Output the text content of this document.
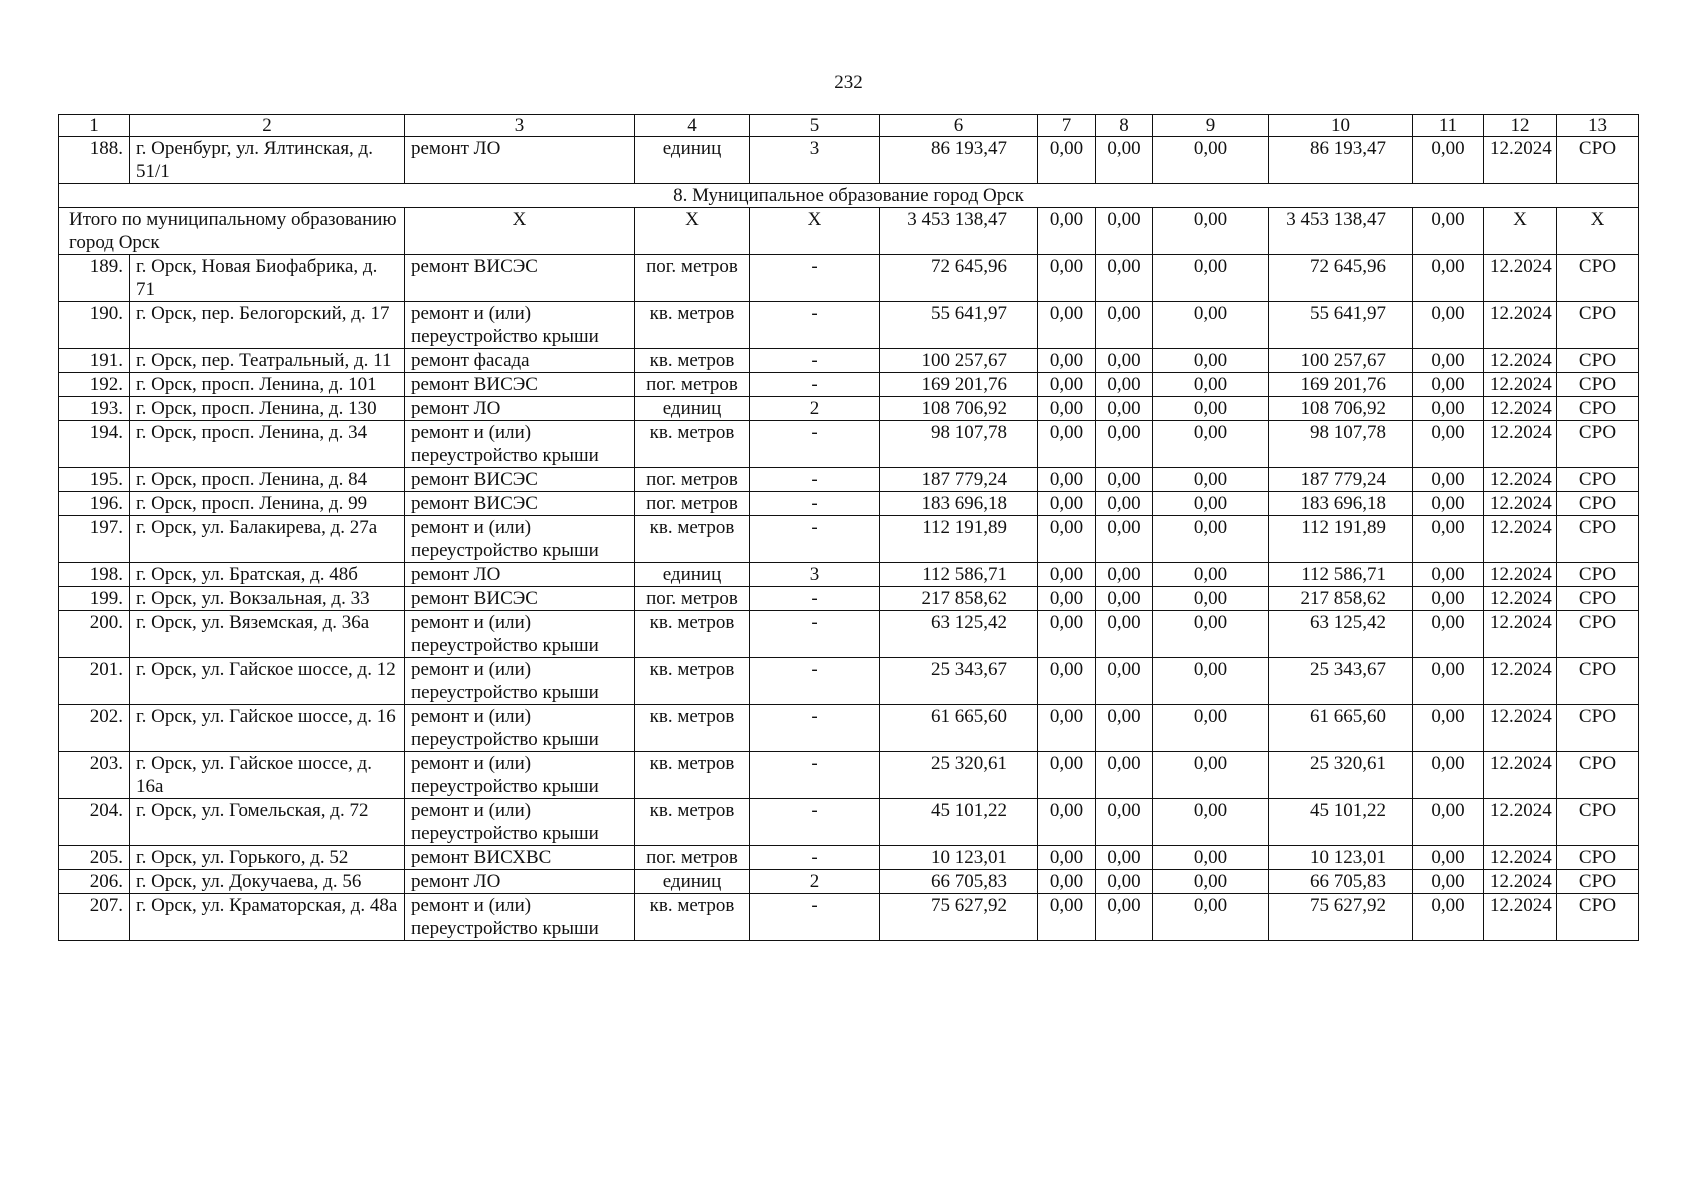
232
1	2	3	4	5	6	7	8	9	10	11	12	13
188.	г. Оренбург, ул. Ялтинская, д. 51/1	ремонт ЛО	единиц	3	86 193,47	0,00	0,00	0,00	86 193,47	0,00	12.2024	СРО
8. Муниципальное образование город Орск												
Итого по муниципальному образованию город Орск		Х	Х	Х	3 453 138,47	0,00	0,00	0,00	3 453 138,47	0,00	Х	Х
189.	г. Орск, Новая Биофабрика, д. 71	ремонт ВИСЭС	пог. метров	-	72 645,96	0,00	0,00	0,00	72 645,96	0,00	12.2024	СРО
190.	г. Орск, пер. Белогорский, д. 17	ремонт и (или) переустройство крыши	кв. метров	-	55 641,97	0,00	0,00	0,00	55 641,97	0,00	12.2024	СРО
191.	г. Орск, пер. Театральный, д. 11	ремонт фасада	кв. метров	-	100 257,67	0,00	0,00	0,00	100 257,67	0,00	12.2024	СРО
192.	г. Орск, просп. Ленина, д. 101	ремонт ВИСЭС	пог. метров	-	169 201,76	0,00	0,00	0,00	169 201,76	0,00	12.2024	СРО
193.	г. Орск, просп. Ленина, д. 130	ремонт ЛО	единиц	2	108 706,92	0,00	0,00	0,00	108 706,92	0,00	12.2024	СРО
194.	г. Орск, просп. Ленина, д. 34	ремонт и (или) переустройство крыши	кв. метров	-	98 107,78	0,00	0,00	0,00	98 107,78	0,00	12.2024	СРО
195.	г. Орск, просп. Ленина, д. 84	ремонт ВИСЭС	пог. метров	-	187 779,24	0,00	0,00	0,00	187 779,24	0,00	12.2024	СРО
196.	г. Орск, просп. Ленина, д. 99	ремонт ВИСЭС	пог. метров	-	183 696,18	0,00	0,00	0,00	183 696,18	0,00	12.2024	СРО
197.	г. Орск, ул. Балакирева, д. 27а	ремонт и (или) переустройство крыши	кв. метров	-	112 191,89	0,00	0,00	0,00	112 191,89	0,00	12.2024	СРО
198.	г. Орск, ул. Братская, д. 48б	ремонт ЛО	единиц	3	112 586,71	0,00	0,00	0,00	112 586,71	0,00	12.2024	СРО
199.	г. Орск, ул. Вокзальная, д. 33	ремонт ВИСЭС	пог. метров	-	217 858,62	0,00	0,00	0,00	217 858,62	0,00	12.2024	СРО
200.	г. Орск, ул. Вяземская, д. 36а	ремонт и (или) переустройство крыши	кв. метров	-	63 125,42	0,00	0,00	0,00	63 125,42	0,00	12.2024	СРО
201.	г. Орск, ул. Гайское шоссе, д. 12	ремонт и (или) переустройство крыши	кв. метров	-	25 343,67	0,00	0,00	0,00	25 343,67	0,00	12.2024	СРО
202.	г. Орск, ул. Гайское шоссе, д. 16	ремонт и (или) переустройство крыши	кв. метров	-	61 665,60	0,00	0,00	0,00	61 665,60	0,00	12.2024	СРО
203.	г. Орск, ул. Гайское шоссе, д. 16а	ремонт и (или) переустройство крыши	кв. метров	-	25 320,61	0,00	0,00	0,00	25 320,61	0,00	12.2024	СРО
204.	г. Орск, ул. Гомельская, д. 72	ремонт и (или) переустройство крыши	кв. метров	-	45 101,22	0,00	0,00	0,00	45 101,22	0,00	12.2024	СРО
205.	г. Орск, ул. Горького, д. 52	ремонт ВИСХВС	пог. метров	-	10 123,01	0,00	0,00	0,00	10 123,01	0,00	12.2024	СРО
206.	г. Орск, ул. Докучаева, д. 56	ремонт ЛО	единиц	2	66 705,83	0,00	0,00	0,00	66 705,83	0,00	12.2024	СРО
207.	г. Орск, ул. Краматорская, д. 48а	ремонт и (или) переустройство крыши	кв. метров	-	75 627,92	0,00	0,00	0,00	75 627,92	0,00	12.2024	СРО
